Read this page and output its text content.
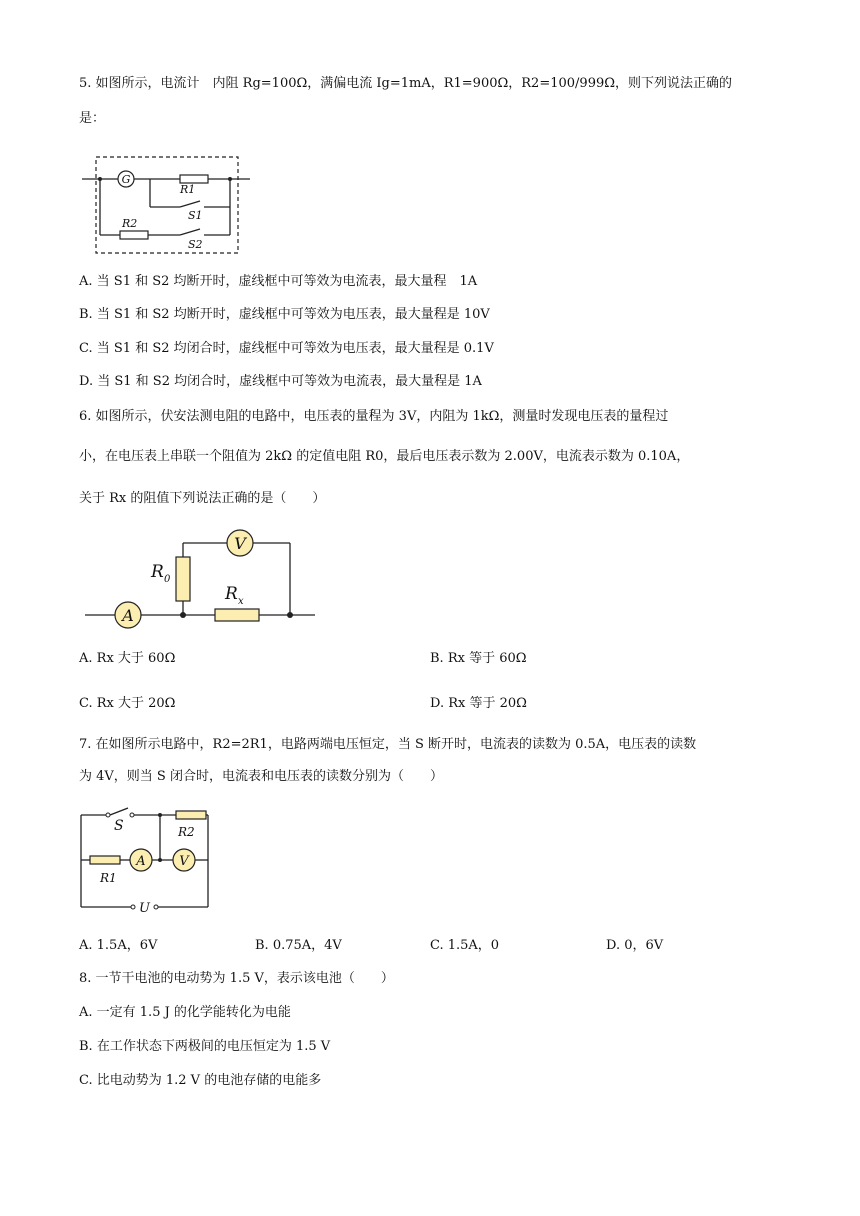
5. 如图所示，电流计　内阻 Rg=100Ω，满偏电流 Ig=1mA，R1=900Ω，R2=100/999Ω，则下列说法正确的
是：
G
R1
S1
R2
S2
A. 当 S1 和 S2 均断开时，虚线框中可等效为电流表，最大量程　1A
B. 当 S1 和 S2 均断开时，虚线框中可等效为电压表，最大量程是 10V
C. 当 S1 和 S2 均闭合时，虚线框中可等效为电压表，最大量程是 0.1V
D. 当 S1 和 S2 均闭合时，虚线框中可等效为电流表，最大量程是 1A
6. 如图所示，伏安法测电阻的电路中，电压表的量程为 3V，内阻为 1kΩ，测量时发现电压表的量程过
小，在电压表上串联一个阻值为 2kΩ 的定值电阻 R0，最后电压表示数为 2.00V，电流表示数为 0.10A，
关于 Rx 的阻值下列说法正确的是（　　）
A
V
R 0
R x
A. Rx 大于 60Ω	B. Rx 等于 60Ω
C. Rx 大于 20Ω	D. Rx 等于 20Ω
7. 在如图所示电路中，R2=2R1，电路两端电压恒定，当 S 断开时，电流表的读数为 0.5A，电压表的读数
为 4V，则当 S 闭合时，电流表和电压表的读数分别为（　　）
S	R2
R1
A	V
U
A. 1.5A，6V	B. 0.75A，4V	C. 1.5A，0	D. 0，6V
8. 一节干电池的电动势为 1.5 V，表示该电池（　　）
A. 一定有 1.5 J 的化学能转化为电能
B. 在工作状态下两极间的电压恒定为 1.5 V
C. 比电动势为 1.2 V 的电池存储的电能多
